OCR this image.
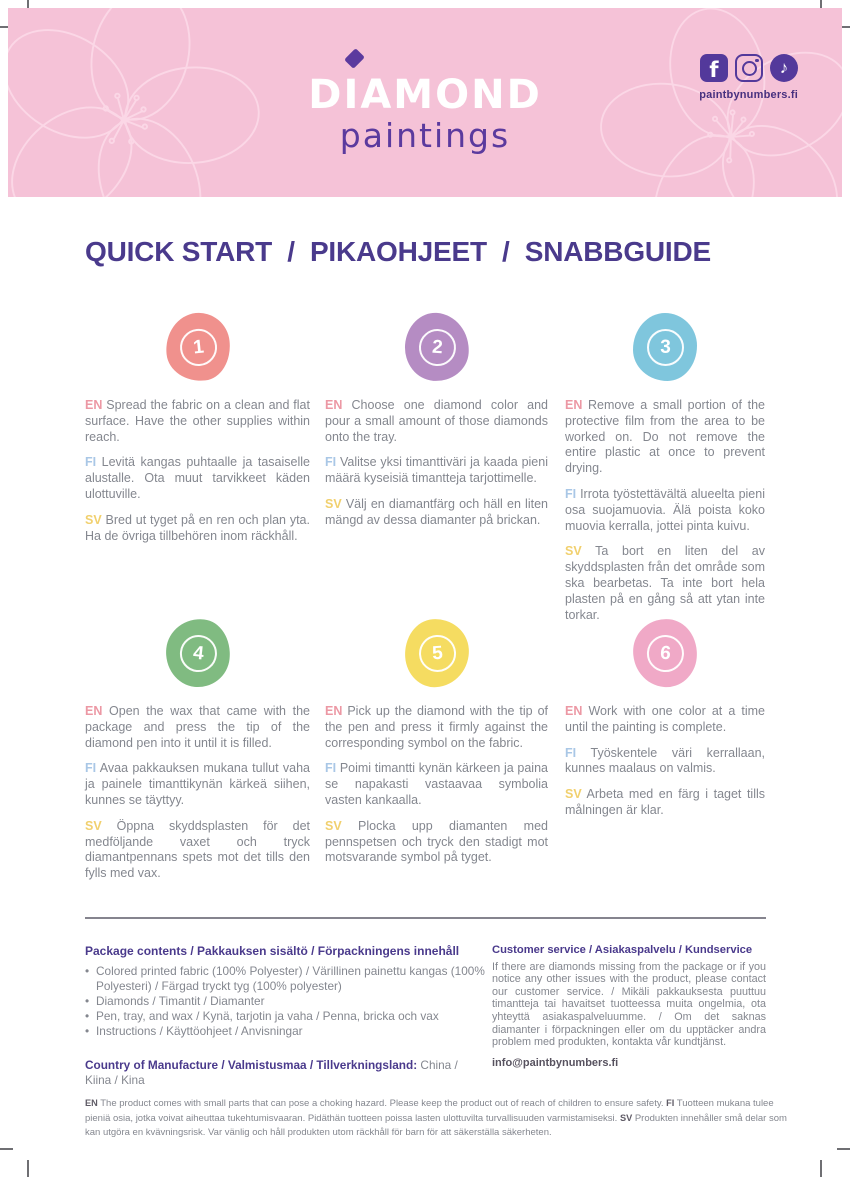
DIAMOND
paintings
f
♪
paintbynumbers.fi
QUICK START  /  PIKAOHJEET  /  SNABBGUIDE
1

EN Spread the fabric on a clean and flat surface. Have the other supplies within reach.

FI Levitä kangas puhtaalle ja tasaiselle alustalle. Ota muut tarvikkeet käden ulottuville.

SV Bred ut tyget på en ren och plan yta. Ha de övriga tillbehören inom räckhåll.

2

EN Choose one diamond color and pour a small amount of those diamonds onto the tray.

FI Valitse yksi timanttiväri ja kaada pieni määrä kyseisiä timantteja tarjottimelle.

SV Välj en diamantfärg och häll en liten mängd av dessa diamanter på brickan.

3

EN Remove a small portion of the protective film from the area to be worked on. Do not remove the entire plastic at once to prevent drying.

FI Irrota työstettävältä alueelta pieni osa suojamuovia. Älä poista koko muovia kerralla, jottei pinta kuivu.

SV Ta bort en liten del av skyddsplasten från det område som ska bearbetas. Ta inte bort hela plasten på en gång så att ytan inte torkar.

4

EN Open the wax that came with the package and press the tip of the diamond pen into it until it is filled.

FI Avaa pakkauksen mukana tullut vaha ja painele timanttikynän kärkeä siihen, kunnes se täyttyy.

SV Öppna skyddsplasten för det medföljande vaxet och tryck diamantpennans spets mot det tills den fylls med vax.

5

EN Pick up the diamond with the tip of the pen and press it firmly against the corresponding symbol on the fabric.

FI Poimi timantti kynän kärkeen ja paina se napakasti vastaavaa symbolia vasten kankaalla.

SV Plocka upp diamanten med pennspetsen och tryck den stadigt mot motsvarande symbol på tyget.

6

EN Work with one color at a time until the painting is complete.

FI Työskentele väri kerrallaan, kunnes maalaus on valmis.

SV Arbeta med en färg i taget tills målningen är klar.

Package contents / Pakkauksen sisältö / Förpackningens innehåll
• Colored printed fabric (100% Polyester) / Värillinen painettu kangas (100% Polyesteri) / Färgad tryckt tyg (100% polyester)
• Diamonds / Timantit / Diamanter
• Pen, tray, and wax / Kynä, tarjotin ja vaha / Penna, bricka och vax
• Instructions / Käyttöohjeet / Anvisningar

Country of Manufacture / Valmistusmaa / Tillverkningsland: China / Kiina / Kina

Customer service / Asiakaspalvelu / Kundservice

If there are diamonds missing from the package or if you notice any other issues with the product, please contact our customer service. / Mikäli pakkauksesta puuttuu timantteja tai havaitset tuotteessa muita ongelmia, ota yhteyttä asiakaspalveluumme. / Om det saknas diamanter i förpackningen eller om du upptäcker andra problem med produkten, kontakta vår kundtjänst.

info@paintbynumbers.fi

EN The product comes with small parts that can pose a choking hazard. Please keep the product out of reach of children to ensure safety. FI Tuotteen mukana tulee pieniä osia, jotka voivat aiheuttaa tukehtumisvaaran. Pidäthän tuotteen poissa lasten ulottuvilta turvallisuuden varmistamiseksi. SV Produkten innehåller små delar som kan utgöra en kvävningsrisk. Var vänlig och håll produkten utom räckhåll för barn för att säkerställa säkerheten.
